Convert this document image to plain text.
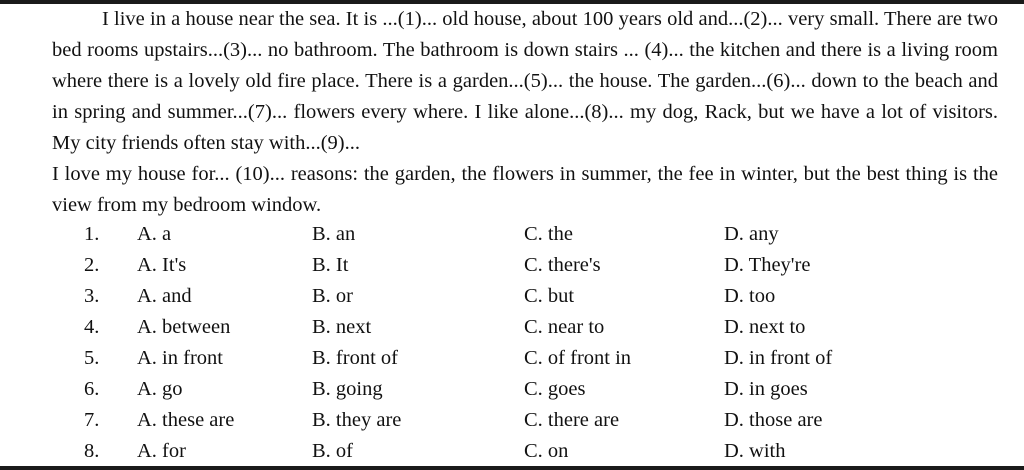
I live in a house near the sea. It is ...(1)... old house, about 100 years old and...(2)... very small. There are two bed rooms upstairs...(3)... no bathroom. The bathroom is down stairs ... (4)... the kitchen and there is a living room where there is a lovely old fire place. There is a garden...(5)... the house. The garden...(6)... down to the beach and in spring and summer...(7)... flowers every where. I like alone...(8)... my dog, Rack, but we have a lot of visitors. My city friends often stay with...(9)...

I love my house for... (10)... reasons: the garden, the flowers in summer, the fee in winter, but the best thing is the view from my bedroom window.

1. A. a	B. an	C. the	D. any
2. A. It's	B. It	C. there's	D. They're
3. A. and	B. or	C. but	D. too
4. A. between	B. next	C. near to	D. next to
5. A. in front	B. front of	C. of front in	D. in front of
6. A. go	B. going	C. goes	D. in goes
7. A. these are	B. they are	C. there are	D. those are
8. A. for	B. of	C. on	D. with
